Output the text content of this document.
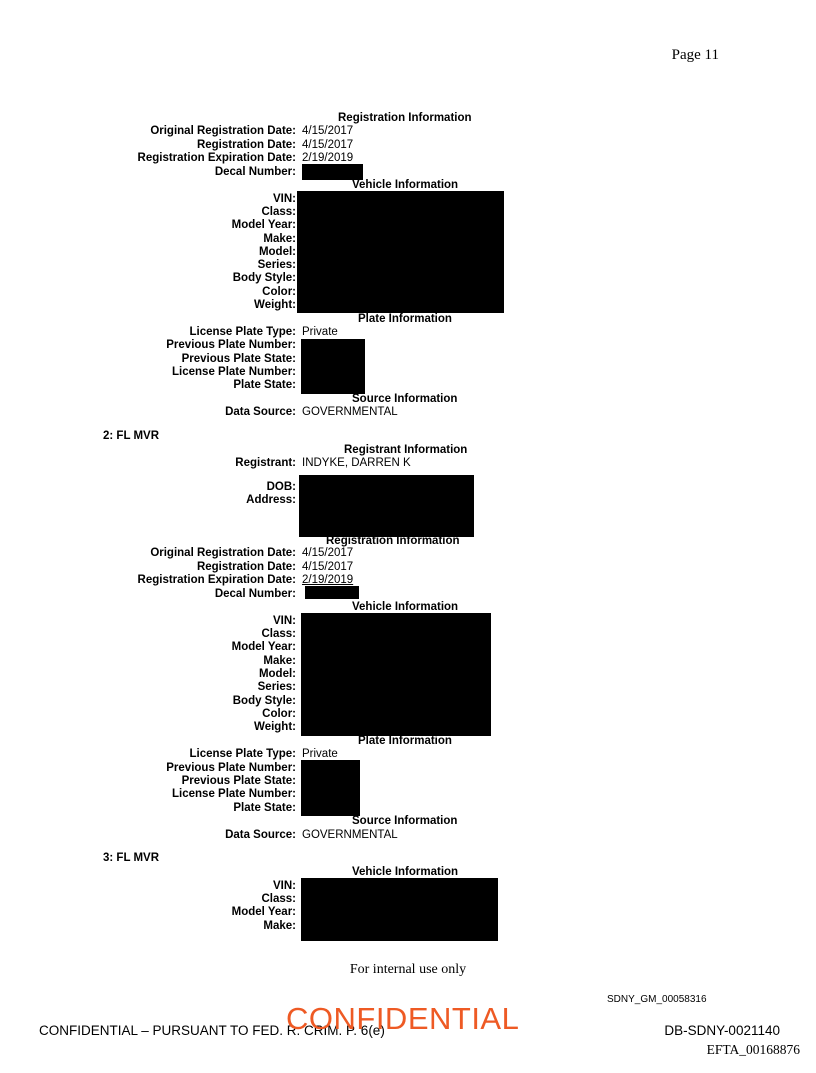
Page 11
Registration Information
Original Registration Date: 4/15/2017
Registration Date: 4/15/2017
Registration Expiration Date: 2/19/2019
Decal Number:
Vehicle Information
VIN:
Class:
Model Year:
Make:
Model:
Series:
Body Style:
Color:
Weight:
Plate Information
License Plate Type: Private
Previous Plate Number:
Previous Plate State:
License Plate Number:
Plate State:
Source Information
Data Source: GOVERNMENTAL
2: FL MVR
Registrant Information
Registrant: INDYKE, DARREN K
DOB:
Address:
Registration Information
Original Registration Date: 4/15/2017
Registration Date: 4/15/2017
Registration Expiration Date: 2/19/2019
Decal Number:
Vehicle Information
VIN:
Class:
Model Year:
Make:
Model:
Series:
Body Style:
Color:
Weight:
Plate Information
License Plate Type: Private
Previous Plate Number:
Previous Plate State:
License Plate Number:
Plate State:
Source Information
Data Source: GOVERNMENTAL
3: FL MVR
Vehicle Information
VIN:
Class:
Model Year:
Make:
For internal use only
SDNY_GM_00058316
CONFIDENTIAL – PURSUANT TO FED. R. CRIM. P. 6(e)
CONFIDENTIAL	DB-SDNY-0021140
EFTA_00168876
